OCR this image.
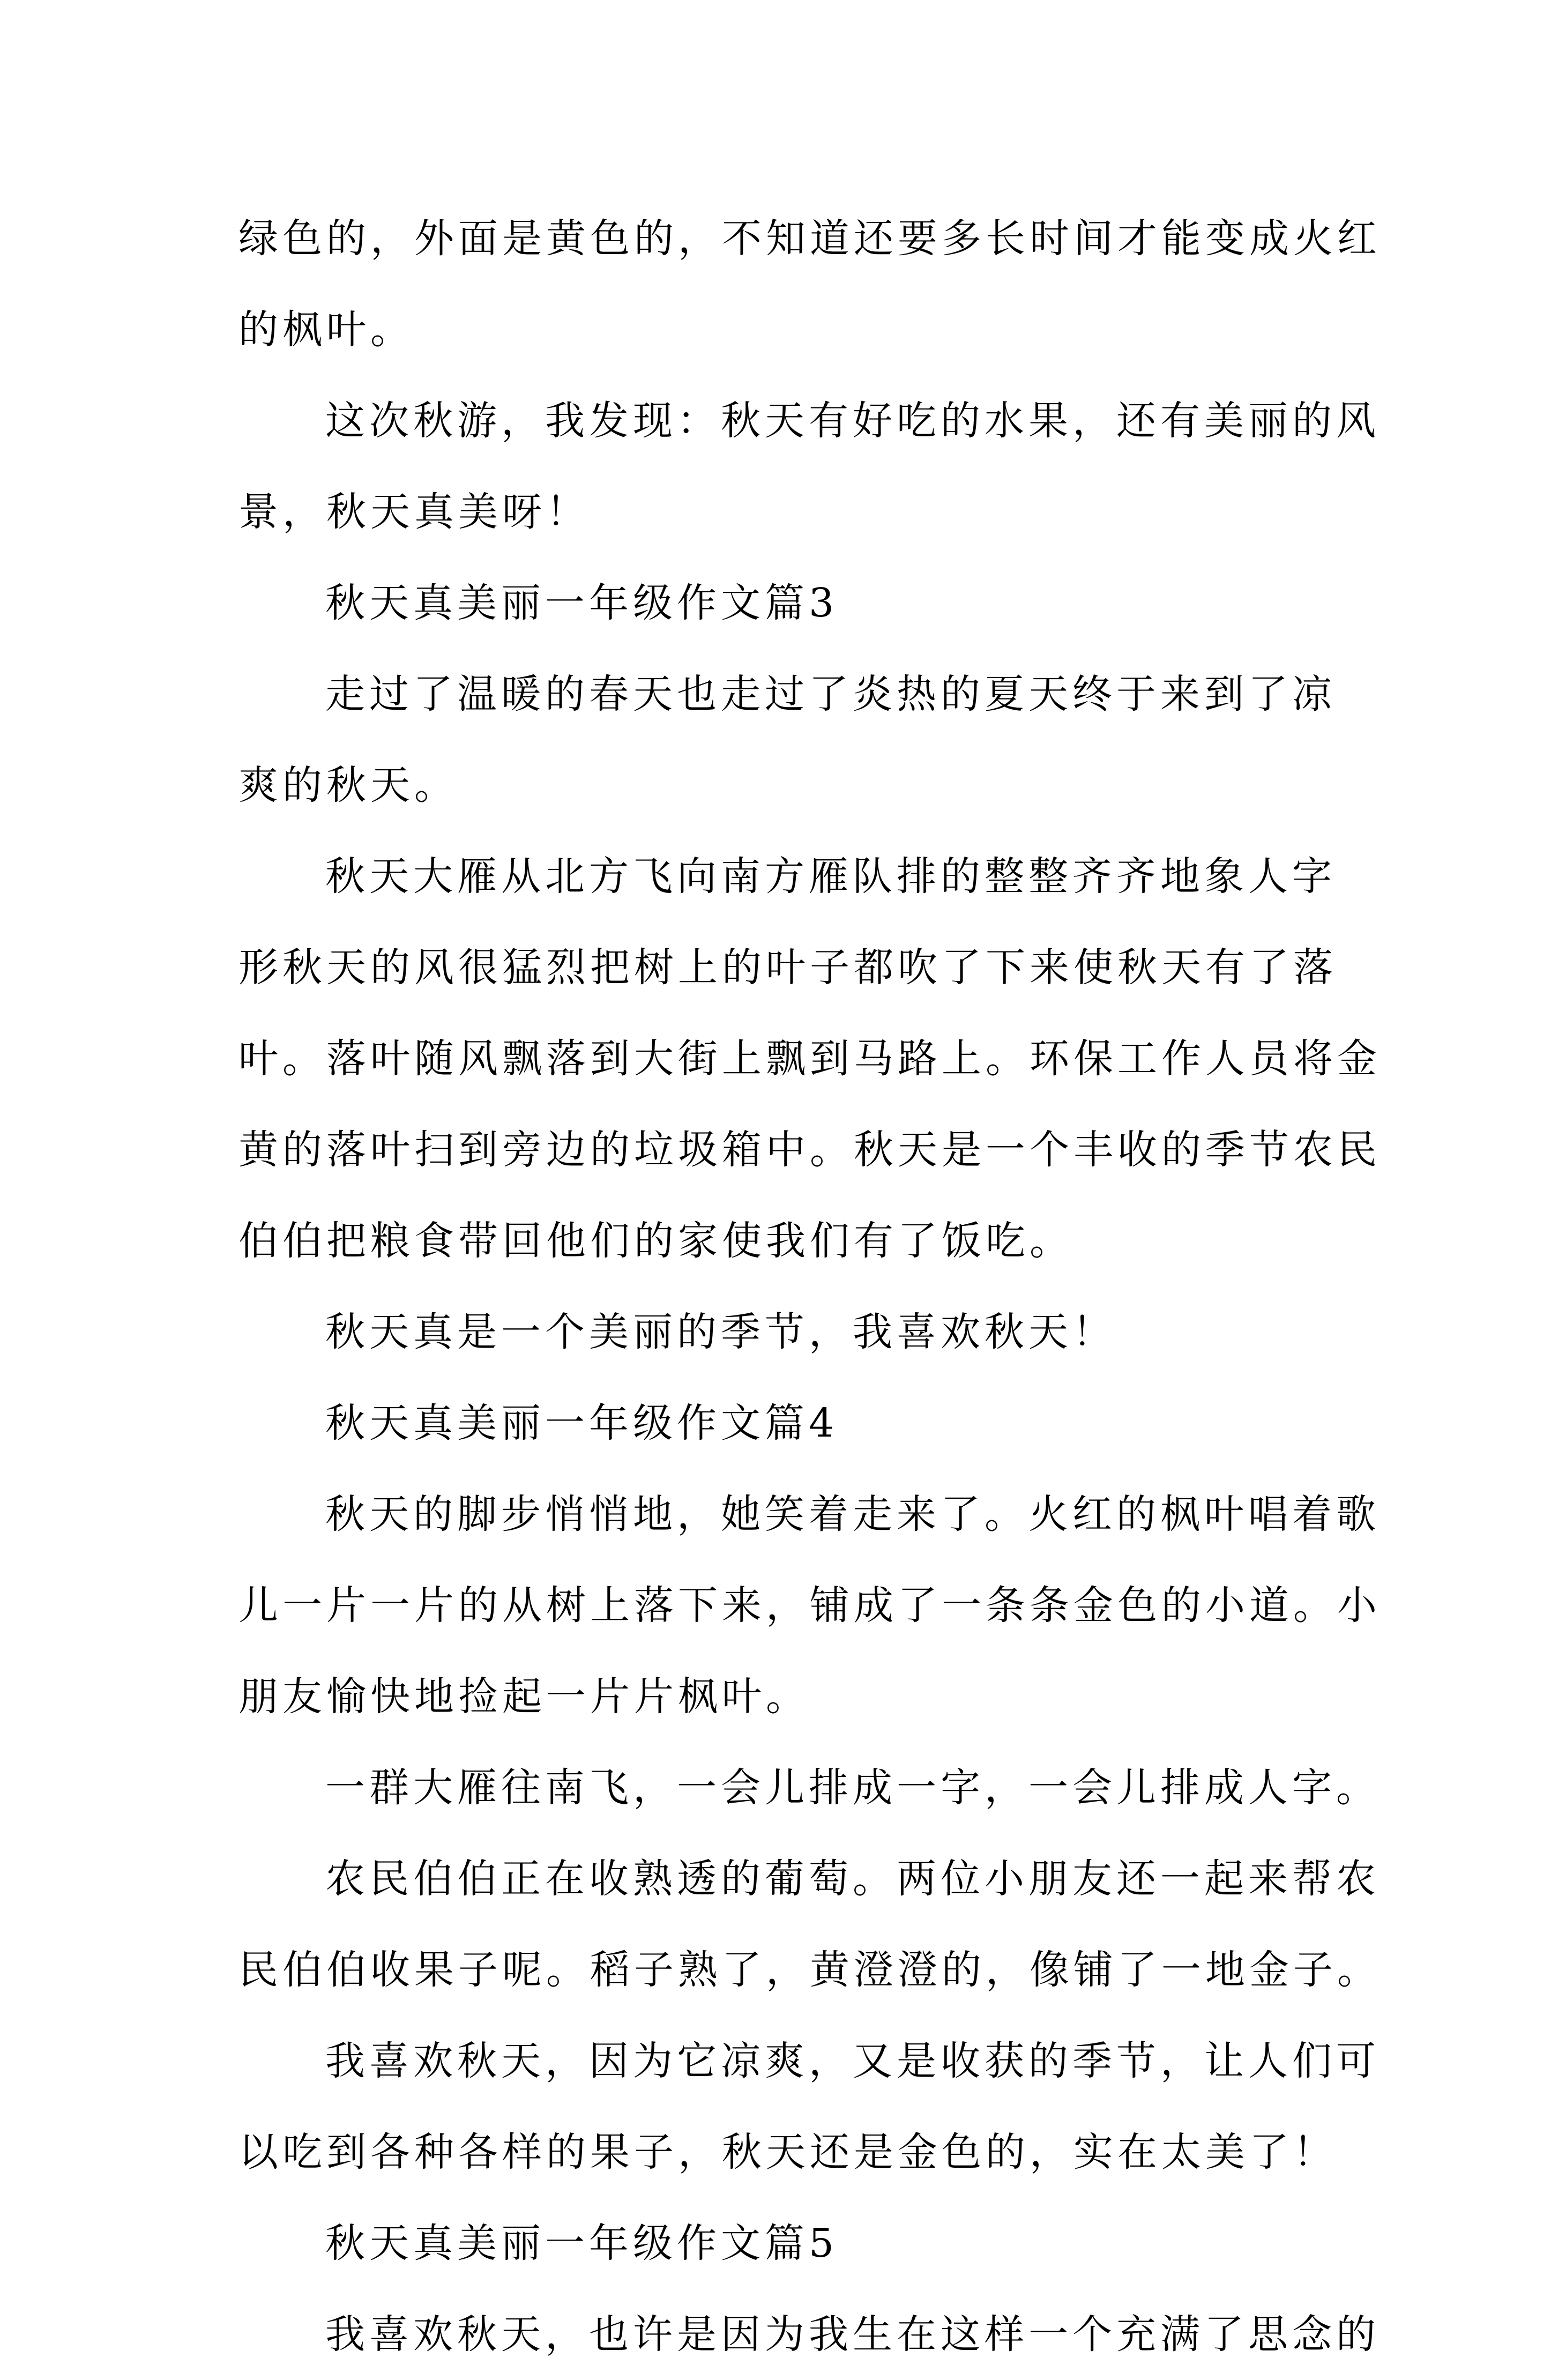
绿色的，外面是黄色的，不知道还要多长时间才能变成火红
的枫叶。
这次秋游，我发现：秋天有好吃的水果，还有美丽的风
景，秋天真美呀！
秋天真美丽一年级作文篇3
走过了温暖的春天也走过了炎热的夏天终于来到了凉
爽的秋天。
秋天大雁从北方飞向南方雁队排的整整齐齐地象人字
形秋天的风很猛烈把树上的叶子都吹了下来使秋天有了落
叶。落叶随风飘落到大街上飘到马路上。环保工作人员将金
黄的落叶扫到旁边的垃圾箱中。秋天是一个丰收的季节农民
伯伯把粮食带回他们的家使我们有了饭吃。
秋天真是一个美丽的季节，我喜欢秋天！
秋天真美丽一年级作文篇4
秋天的脚步悄悄地，她笑着走来了。火红的枫叶唱着歌
儿一片一片的从树上落下来，铺成了一条条金色的小道。小
朋友愉快地捡起一片片枫叶。
一群大雁往南飞，一会儿排成一字，一会儿排成人字。
农民伯伯正在收熟透的葡萄。两位小朋友还一起来帮农
民伯伯收果子呢。稻子熟了，黄澄澄的，像铺了一地金子。
我喜欢秋天，因为它凉爽，又是收获的季节，让人们可
以吃到各种各样的果子，秋天还是金色的，实在太美了！
秋天真美丽一年级作文篇5
我喜欢秋天，也许是因为我生在这样一个充满了思念的
